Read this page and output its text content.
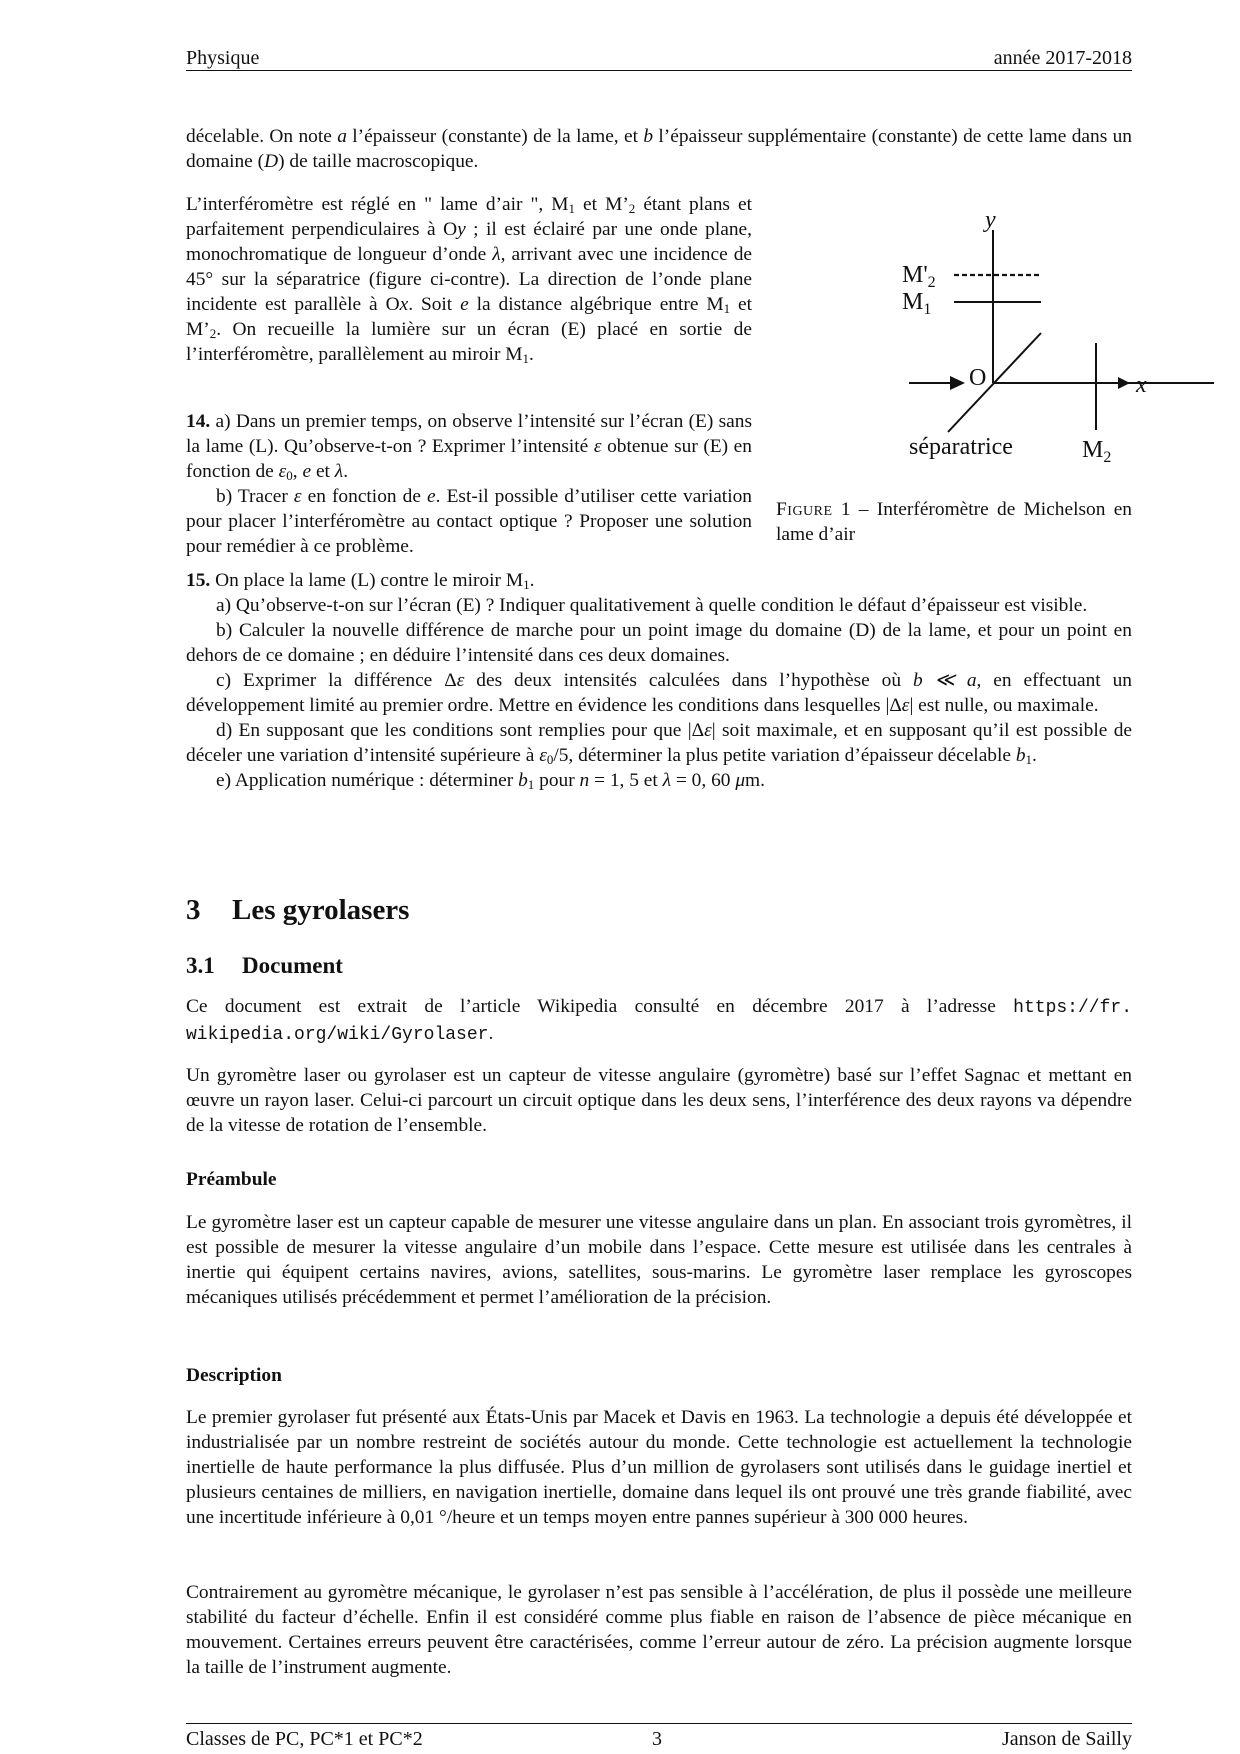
Physique	année 2017-2018

décelable. On note a l’épaisseur (constante) de la lame, et b l’épaisseur supplémentaire (constante) de cette lame dans un domaine (D) de taille macroscopique.

L’interféromètre est réglé en " lame d’air ", $M_1$ et $M’_2$ étant plans et parfaitement perpendiculaires à Oy ; il est éclairé par une onde plane, monochromatique de longueur d’onde λ, arrivant avec une incidence de 45° sur la séparatrice (figure ci-contre). La direction de l’onde plane incidente est parallèle à Ox. Soit e la distance algébrique entre $M_1$ et $M’_2$. On recueille la lumière sur un écran (E) placé en sortie de l’interféromètre, parallèlement au miroir $M_1$.

14. a) Dans un premier temps, on observe l’intensité sur l’écran (E) sans la lame (L). Qu’observe-t-on ? Exprimer l’intensité ε obtenue sur (E) en fonction de $\varepsilon_0$, e et λ.

b) Tracer ε en fonction de e. Est-il possible d’utiliser cette variation pour placer l’interféromètre au contact optique ? Proposer une solution pour remédier à ce problème.

y
x
$M'_2$
$M_1$
$M_2$
O
séparatrice
Figure 1 – Interféromètre de Michelson en lame d’air

15. On place la lame (L) contre le miroir $M_1$.

a) Qu’observe-t-on sur l’écran (E) ? Indiquer qualitativement à quelle condition le défaut d’épaisseur est visible.

b) Calculer la nouvelle différence de marche pour un point image du domaine (D) de la lame, et pour un point en dehors de ce domaine ; en déduire l’intensité dans ces deux domaines.

c) Exprimer la différence Δε des deux intensités calculées dans l’hypothèse où b ≪ a, en effectuant un développement limité au premier ordre. Mettre en évidence les conditions dans lesquelles |Δε| est nulle, ou maximale.

d) En supposant que les conditions sont remplies pour que |Δε| soit maximale, et en supposant qu’il est possible de déceler une variation d’intensité supérieure à $\varepsilon_0/5$, déterminer la plus petite variation d’épaisseur décelable $b_1$.

e) Application numérique : déterminer $b_1$ pour n = 1, 5 et λ = 0, 60 μm.

3 Les gyrolasers
3.1 Document

Ce document est extrait de l’article Wikipedia consulté en décembre 2017 à l’adresse https://fr. wikipedia.org/wiki/Gyrolaser.

Un gyromètre laser ou gyrolaser est un capteur de vitesse angulaire (gyromètre) basé sur l’effet Sagnac et mettant en œuvre un rayon laser. Celui-ci parcourt un circuit optique dans les deux sens, l’interférence des deux rayons va dépendre de la vitesse de rotation de l’ensemble.

Préambule

Le gyromètre laser est un capteur capable de mesurer une vitesse angulaire dans un plan. En associant trois gyromètres, il est possible de mesurer la vitesse angulaire d’un mobile dans l’espace. Cette mesure est utilisée dans les centrales à inertie qui équipent certains navires, avions, satellites, sous-marins. Le gyromètre laser remplace les gyroscopes mécaniques utilisés précédemment et permet l’amélioration de la précision.

Description

Le premier gyrolaser fut présenté aux États-Unis par Macek et Davis en 1963. La technologie a depuis été développée et industrialisée par un nombre restreint de sociétés autour du monde. Cette technologie est actuellement la technologie inertielle de haute performance la plus diffusée. Plus d’un million de gyrolasers sont utilisés dans le guidage inertiel et plusieurs centaines de milliers, en navigation inertielle, domaine dans lequel ils ont prouvé une très grande fiabilité, avec une incertitude inférieure à 0,01 °/heure et un temps moyen entre pannes supérieur à 300 000 heures.

Contrairement au gyromètre mécanique, le gyrolaser n’est pas sensible à l’accélération, de plus il possède une meilleure stabilité du facteur d’échelle. Enfin il est considéré comme plus fiable en raison de l’absence de pièce mécanique en mouvement. Certaines erreurs peuvent être caractérisées, comme l’erreur autour de zéro. La précision augmente lorsque la taille de l’instrument augmente.

Classes de PC, PC*1 et PC*2	3	Janson de Sailly
